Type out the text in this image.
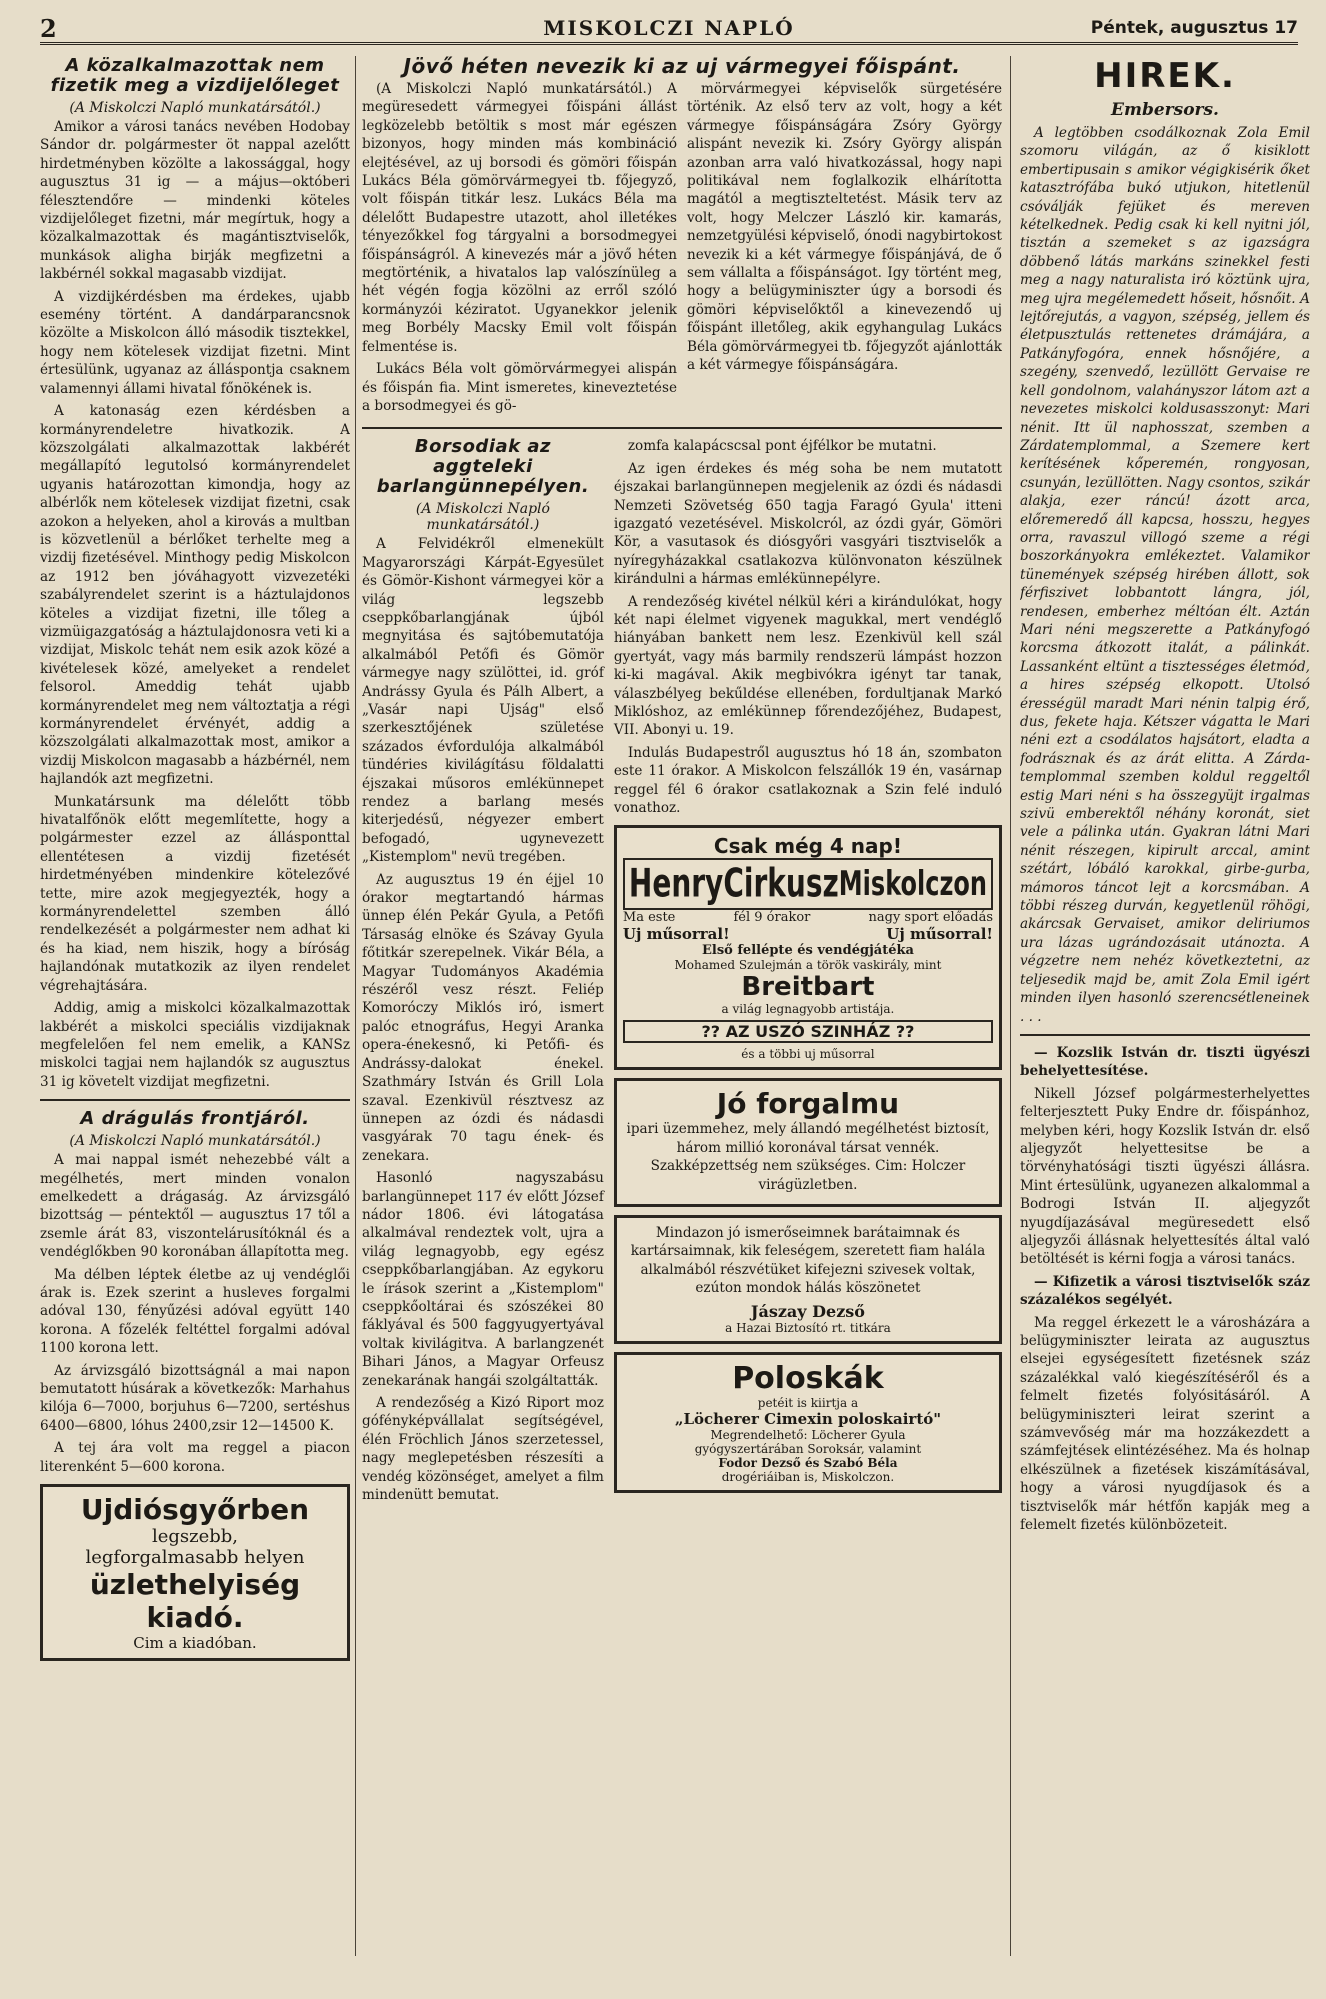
2	MISKOLCZI NAPLÓ	Péntek, augusztus 17
A közalkalmazottak nem fizetik meg a vizdijelőleget
(A Miskolczi Napló munkatársától.)

Amikor a városi tanács nevében Hodobay Sándor dr. polgármester öt nappal azelőtt hirdetményben közölte a lakossággal, hogy augusztus 31 ig — a május—októberi félesztendőre — mindenki köteles vizdijelőleget fizetni, már megírtuk, hogy a közalkalmazottak és magántisztviselők, munkások aligha birják megfizetni a lakbérnél sokkal magasabb vizdijat.

A vizdijkérdésben ma érdekes, ujabb esemény történt. A dandárparancsnok közölte a Miskolcon álló második tisztekkel, hogy nem kötelesek vizdijat fizetni. Mint értesülünk, ugyanaz az álláspontja csaknem valamennyi állami hivatal főnökének is.

A katonaság ezen kérdésben a kormányrendeletre hivatkozik. A közszolgálati alkalmazottak lakbérét megállapító legutolsó kormányrendelet ugyanis határozottan kimondja, hogy az albérlők nem kötelesek vizdijat fizetni, csak azokon a helyeken, ahol a kirovás a multban is közvetlenül a bérlőket terhelte meg a vizdij fizetésével. Minthogy pedig Miskolcon az 1912 ben jóváhagyott vizvezetéki szabályrendelet szerint is a háztulajdonos köteles a vizdijat fizetni, ille tőleg a vizmüigazgatóság a háztulajdonosra veti ki a vizdijat, Miskolc tehát nem esik azok közé a kivételesek közé, amelyeket a rendelet felsorol. Ameddig tehát ujabb kormányrendelet meg nem változtatja a régi kormányrendelet érvényét, addig a közszolgálati alkalmazottak most, amikor a vizdij Miskolcon magasabb a házbérnél, nem hajlandók azt megfizetni.

Munkatársunk ma délelőtt több hivatalfőnök előtt megemlítette, hogy a polgármester ezzel az állásponttal ellentétesen a vizdij fizetését hirdetményében mindenkire kötelezővé tette, mire azok megjegyezték, hogy a kormányrendelettel szemben álló rendelkezését a polgármester nem adhat ki és ha kiad, nem hiszik, hogy a bíróság hajlandónak mutatkozik az ilyen rendelet végrehajtására.

Addig, amig a miskolci közalkalmazottak lakbérét a miskolci speciális vizdijaknak megfelelően fel nem emelik, a KANSz miskolci tagjai nem hajlandók sz augusztus 31 ig követelt vizdijat megfizetni.

A drágulás frontjáról.
(A Miskolczi Napló munkatársától.)

A mai nappal ismét nehezebbé vált a megélhetés, mert minden vonalon emelkedett a drágaság. Az árvizsgáló bizottság — péntektől — augusztus 17 től a zsemle árát 83, viszontelárusítóknál és a vendéglőkben 90 koronában állapította meg.

Ma délben léptek életbe az uj vendéglői árak is. Ezek szerint a husleves forgalmi adóval 130, fényűzési adóval együtt 140 korona. A főzelék feltéttel forgalmi adóval 1100 korona lett.

Az árvizsgáló bizottságnál a mai napon bemutatott húsárak a következők: Marhahus kilója 6—7000, borjuhus 6—7200, sertéshus 6400—6800, lóhus 2400,zsir 12—14500 K.

A tej ára volt ma reggel a piacon literenként 5—600 korona.

Ujdiósgyőrben
legszebb,
legforgalmasabb helyen
üzlethelyiség kiadó.
Cim a kiadóban.
Jövő héten nevezik ki az uj vármegyei főispánt.

(A Miskolczi Napló munkatársától.) A megüresedett vármegyei főispáni állást legközelebb betöltik s most már egészen bizonyos, hogy minden más kombináció elejtésével, az uj borsodi és gömöri főispán Lukács Béla gömörvármegyei tb. főjegyző, volt főispán titkár lesz. Lukács Béla ma délelőtt Budapestre utazott, ahol illetékes tényezőkkel fog tárgyalni a borsodmegyei főispánságról. A kinevezés már a jövő héten megtörténik, a hivatalos lap valószínüleg a hét végén fogja közölni az erről szóló kormányzói kéziratot. Ugyanekkor jelenik meg Borbély Macsky Emil volt főispán felmentése is.

Lukács Béla volt gömörvármegyei alispán és főispán fia. Mint ismeretes, kineveztetése a borsodmegyei és gö-

mörvármegyei képviselők sürgetésére történik. Az első terv az volt, hogy a két vármegye főispánságára Zsóry György alispánt nevezik ki. Zsóry György alispán azonban arra való hivatkozással, hogy napi politikával nem foglalkozik elhárította magától a megtiszteltetést. Másik terv az volt, hogy Melczer László kir. kamarás, nemzetgyülési képviselő, ónodi nagybirtokost nevezik ki a két vármegye főispánjává, de ő sem vállalta a főispánságot. Igy történt meg, hogy a belügyminiszter úgy a borsodi és gömöri képviselőktől a kinevezendő uj főispánt illetőleg, akik egyhangulag Lukács Béla gömörvármegyei tb. főjegyzőt ajánlották a két vármegye főispánságára.

Borsodiak az aggteleki barlangünnepélyen.
(A Miskolczi Napló munkatársától.)

A Felvidékről elmenekült Magyarországi Kárpát-Egyesület és Gömör-Kishont vármegyei kör a világ legszebb cseppkőbarlangjának újból megnyitása és sajtóbemutatója alkalmából Petőfi és Gömör vármegye nagy szülöttei, id. gróf Andrássy Gyula és Pálh Albert, a „Vasár napi Ujság" első szerkesztőjének születése százados évfordulója alkalmából tündéries kivilágításu földalatti éjszakai műsoros emlékünnepet rendez a barlang mesés kiterjedésű, négyezer embert befogadó, ugynevezett „Kistemplom" nevü tregében.

Az augusztus 19 én éjjel 10 órakor megtartandó hármas ünnep élén Pekár Gyula, a Petőfi Társaság elnöke és Szávay Gyula főtitkár szerepelnek. Vikár Béla, a Magyar Tudományos Akadémia részéről vesz részt. Feliép Komoróczy Miklós iró, ismert palóc etnográfus, Hegyi Aranka opera-énekesnő, ki Petőfi- és Andrássy-dalokat énekel. Szathmáry István és Grill Lola szaval. Ezenkivül résztvesz az ünnepen az ózdi és nádasdi vasgyárak 70 tagu ének- és zenekara.

Hasonló nagyszabásu barlangünnepet 117 év előtt József nádor 1806. évi látogatása alkalmával rendeztek volt, ujra a világ legnagyobb, egy egész cseppkőbarlangjában. Az egykoru le írások szerint a „Kistemplom" cseppkőoltárai és szószékei 80 fáklyával és 500 faggyugyertyával voltak kivilágitva. A barlangzenét Bihari János, a Magyar Orfeusz zenekarának hangái szolgáltatták.

A rendezőség a Kizó Riport moz gófényképvállalat segítségével, élén Fröchlich János szerzetessel, nagy meglepetésben részesíti a vendég közönséget, amelyet a film mindenütt bemutat.

zomfa kalapácscsal pont éjfélkor be mutatni.

Az igen érdekes és még soha be nem mutatott éjszakai barlangünnepen megjelenik az ózdi és nádasdi Nemzeti Szövetség 650 tagja Faragó Gyula' itteni igazgató vezetésével. Miskolcról, az ózdi gyár, Gömöri Kör, a vasutasok és diósgyőri vasgyári tisztviselők a nyíregyházakkal csatlakozva különvonaton készülnek kirándulni a hármas emlékünnepélyre.

A rendezőség kivétel nélkül kéri a kirándulókat, hogy két napi élelmet vigyenek magukkal, mert vendéglő hiányában bankett nem lesz. Ezenkivül kell szál gyertyát, vagy más barmily rendszerü lámpást hozzon ki-ki magával. Akik megbivókra igényt tar tanak, válaszbélyeg bekűldése ellenében, fordultjanak Markó Miklóshoz, az emlékünnep főrendezőjéhez, Budapest, VII. Abonyi u. 19.

Indulás Budapestről augusztus hó 18 án, szombaton este 11 órakor. A Miskolcon felszállók 19 én, vasárnap reggel fél 6 órakor csatlakoznak a Szin felé induló vonathoz.

Csak még 4 nap!
Henry Cirkusz Miskolczon
Ma este	fél 9 órakor	nagy sport előadás
Uj műsorral!	Uj műsorral!
Első fellépte és vendégjátéka
Mohamed Szulejmán a török vaskirály, mint
Breitbart
a világ legnagyobb artistája.
?? AZ USZÓ SZINHÁZ ??
és a többi uj műsorral
Jó forgalmu

ipari üzemmehez, mely állandó megélhetést biztosít, három millió koronával társat vennék. Szakképzettség nem szükséges. Cim: Holczer virágüzletben.

Mindazon jó ismerőseimnek barátaimnak és kartársaimnak, kik feleségem, szeretett fiam halála alkalmából részvétüket kifejezni szivesek voltak, ezúton mondok hálás köszönetet

Jászay Dezső
a Hazai Biztosító rt. titkára
Poloskák
petéit is kiirtja a
„Löcherer Cimexin poloskairtó"
Megrendelhető: Löcherer Gyula
gyógyszertárában Soroksár, valamint
Fodor Dezső és Szabó Béla
drogériáiban is, Miskolczon.
HIREK.
Embersors.

A legtöbben csodálkoznak Zola Emil szomoru világán, az ő kisiklott embertipusain s amikor végigkisérik őket katasztrófába bukó utjukon, hitetlenül csóválják fejüket és mereven kételkednek. Pedig csak ki kell nyitni jól, tisztán a szemeket s az igazságra döbbenő látás markáns szinekkel festi meg a nagy naturalista iró köztünk ujra, meg ujra megélemedett hőseit, hősnőit. A lejtőrejutás, a vagyon, szépség, jellem és életpusztulás rettenetes drámájára, a Patkányfogóra, ennek hősnőjére, a szegény, szenvedő, lezüllött Gervaise re kell gondolnom, valahányszor látom azt a nevezetes miskolci koldusasszonyt: Mari nénit. Itt ül naphosszat, szemben a Zárdatemplommal, a Szemere kert kerítésének kőperemén, rongyosan, csunyán, lezüllötten. Nagy csontos, szikár alakja, ezer ráncú! ázott arca, előremeredő áll kapcsa, hosszu, hegyes orra, ravaszul villogó szeme a régi boszorkányokra emlékeztet. Valamikor tünemények szépség hirében állott, sok férfiszivet lobbantott lángra, jól, rendesen, emberhez méltóan élt. Aztán Mari néni megszerette a Patkányfogó korcsma átkozott italát, a pálinkát. Lassanként eltünt a tisztességes életmód, a hires szépség elkopott. Utolsó érességül maradt Mari nénin talpig érő, dus, fekete haja. Kétszer vágatta le Mari néni ezt a csodálatos hajsátort, eladta a fodrásznak és az árát elitta. A Zárda-templommal szemben koldul reggeltől estig Mari néni s ha összegyüjt irgalmas szivü emberektől néhány koronát, siet vele a pálinka után. Gyakran látni Mari nénit részegen, kipirult arccal, amint szétárt, lóbáló karokkal, girbe-gurba, mámoros táncot lejt a korcsmában. A többi részeg durván, kegyetlenül röhögi, akárcsak Gervaiset, amikor deliriumos ura lázas ugrándozásait utánozta. A végzetre nem nehéz következtetni, az teljesedik majd be, amit Zola Emil igért minden ilyen hasonló szerencsétleneinek . . .

— Kozslik István dr. tiszti ügyészi behelyettesítése.

Nikell József polgármesterhelyettes felterjesztett Puky Endre dr. főispánhoz, melyben kéri, hogy Kozslik István dr. első aljegyzőt helyettesitse be a törvényhatósági tiszti ügyészi állásra. Mint értesülünk, ugyanezen alkalommal a Bodrogi István II. aljegyzőt nyugdíjazásával megüresedett első aljegyzői állásnak helyettesítés által való betöltését is kérni fogja a városi tanács.

— Kifizetik a városi tisztviselők száz százalékos segélyét.

Ma reggel érkezett le a városházára a belügyminiszter leirata az augusztus elsejei egységesített fizetésnek száz százalékkal való kiegészítéséről és a felmelt fizetés folyósitásáról. A belügyminiszteri leirat szerint a számvevőség már ma hozzákezdett a számfejtések elintézéséhez. Ma és holnap elkészülnek a fizetések kiszámításával, hogy a városi nyugdíjasok és a tisztviselők már hétfőn kapják meg a felemelt fizetés különbözeteit.
